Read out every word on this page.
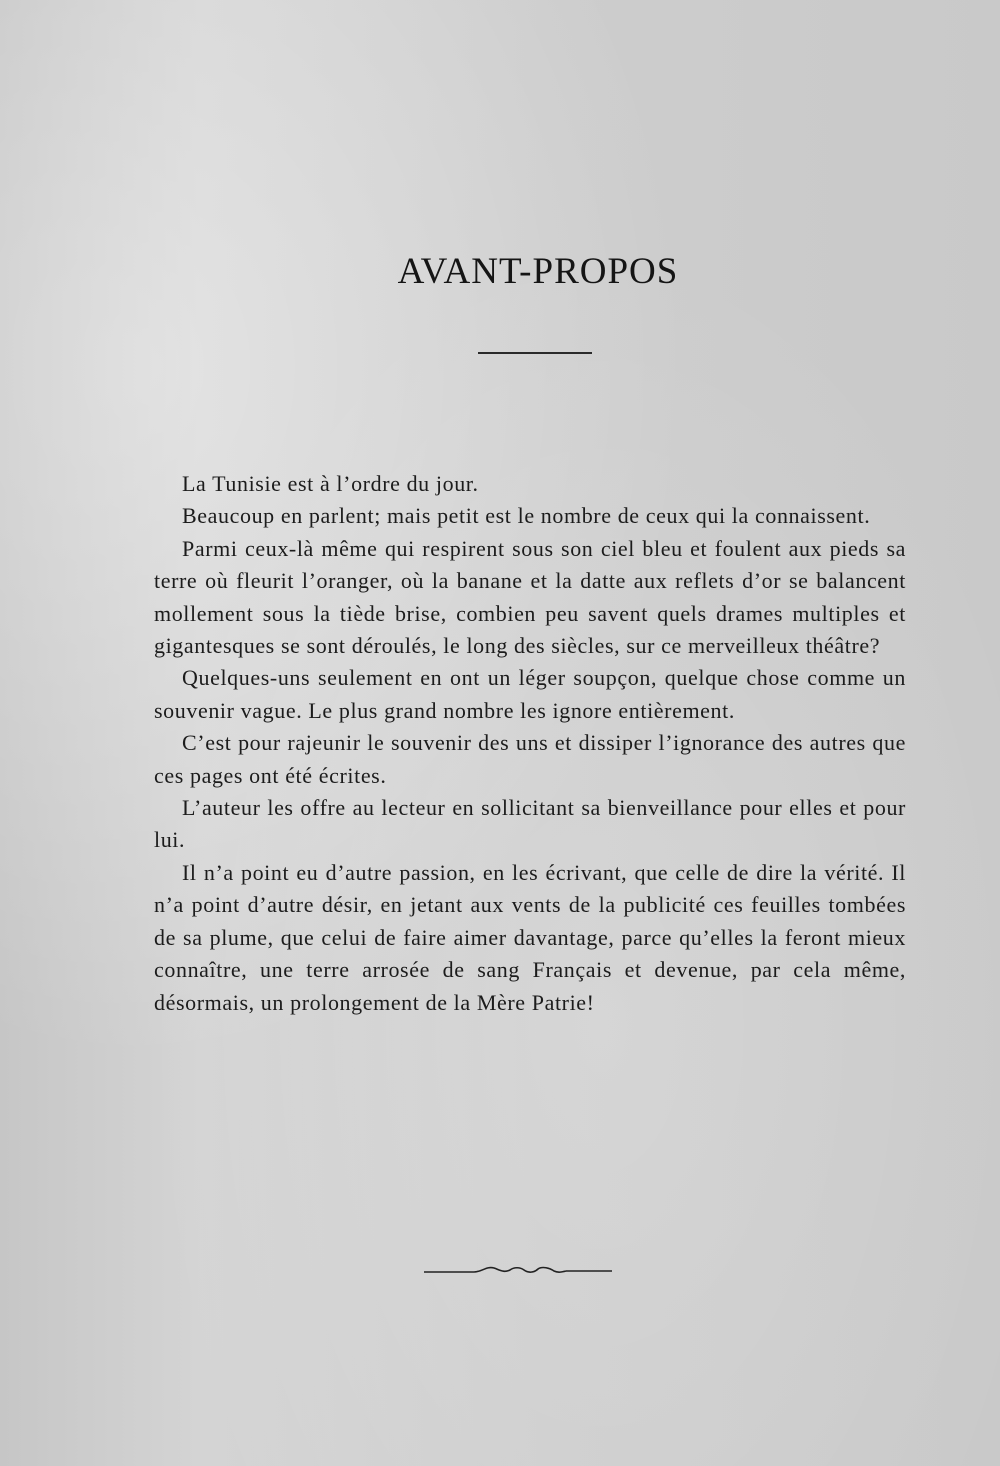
AVANT-PROPOS

La Tunisie est à l’ordre du jour.

Beaucoup en parlent; mais petit est le nombre de ceux qui la connaissent.

Parmi ceux-là même qui respirent sous son ciel bleu et foulent aux pieds sa terre où fleurit l’oranger, où la banane et la datte aux reflets d’or se balancent mollement sous la tiède brise, combien peu savent quels drames multiples et gigantesques se sont déroulés, le long des siècles, sur ce merveilleux théâtre?

Quelques-uns seulement en ont un léger soupçon, quelque chose comme un souvenir vague. Le plus grand nombre les ignore entièrement.

C’est pour rajeunir le souvenir des uns et dissiper l’ignorance des autres que ces pages ont été écrites.

L’auteur les offre au lecteur en sollicitant sa bienveillance pour elles et pour lui.

Il n’a point eu d’autre passion, en les écrivant, que celle de dire la vérité. Il n’a point d’autre désir, en jetant aux vents de la publicité ces feuilles tombées de sa plume, que celui de faire aimer davantage, parce qu’elles la feront mieux connaître, une terre arrosée de sang Français et devenue, par cela même, désormais, un prolongement de la Mère Patrie!
